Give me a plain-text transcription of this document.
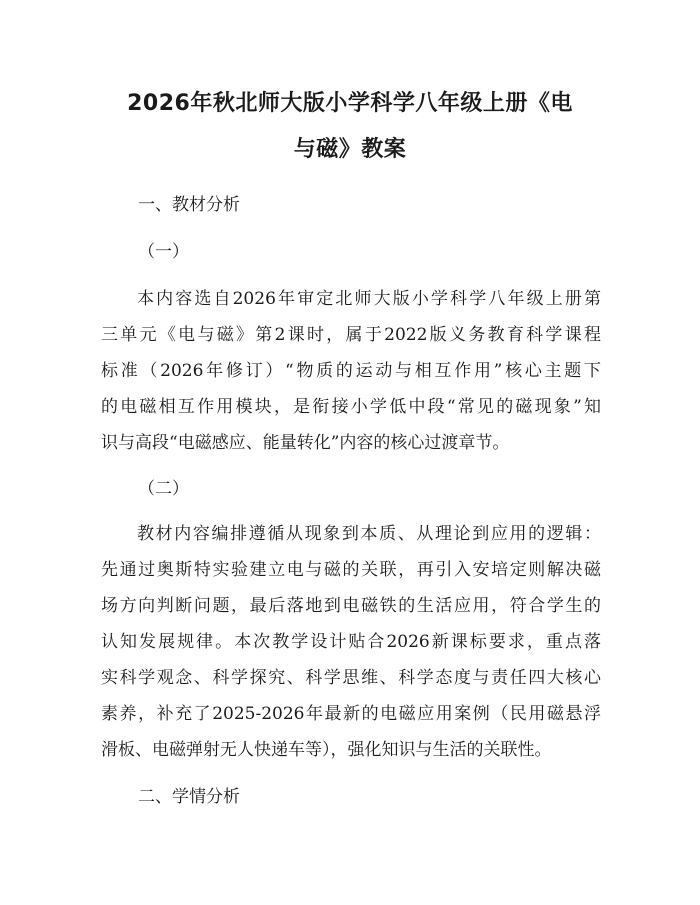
2026年秋北师大版小学科学八年级上册《电
与磁》教案

一、教材分析

（一）

本内容选自2026年审定北师大版小学科学八年级上册第
三单元《电与磁》第2课时，属于2022版义务教育科学课程
标准（2026年修订）“物质的运动与相互作用”核心主题下
的电磁相互作用模块，是衔接小学低中段“常见的磁现象”知
识与高段“电磁感应、能量转化”内容的核心过渡章节。

（二）

教材内容编排遵循从现象到本质、从理论到应用的逻辑：
先通过奥斯特实验建立电与磁的关联，再引入安培定则解决磁
场方向判断问题，最后落地到电磁铁的生活应用，符合学生的
认知发展规律。本次教学设计贴合2026新课标要求，重点落
实科学观念、科学探究、科学思维、科学态度与责任四大核心
素养，补充了2025-2026年最新的电磁应用案例（民用磁悬浮
滑板、电磁弹射无人快递车等），强化知识与生活的关联性。

二、学情分析
